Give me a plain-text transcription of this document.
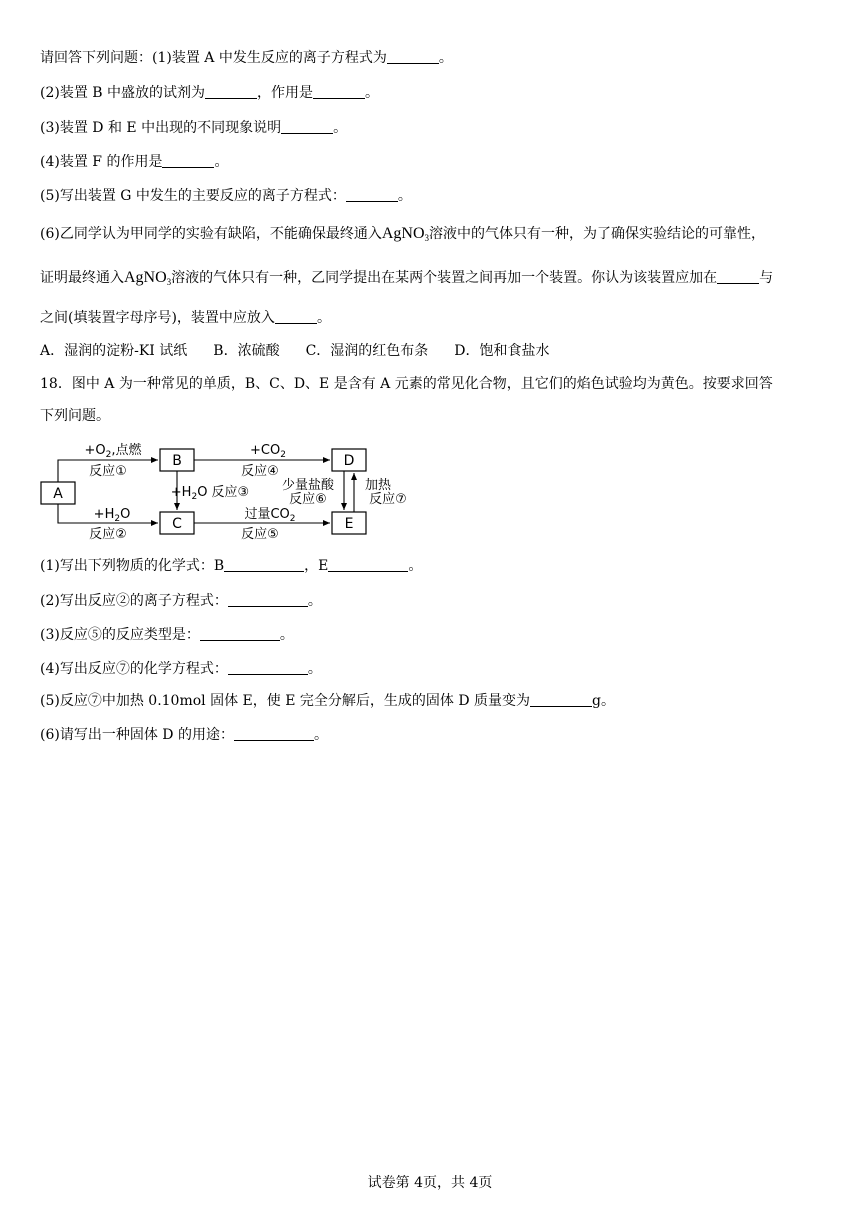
请回答下列问题：(1)装置 A 中发生反应的离子方程式为	。
(2)装置 B 中盛放的试剂为	，作用是	。
(3)装置 D 和 E 中出现的不同现象说明	。
(4)装置 F 的作用是	。
(5)写出装置 G 中发生的主要反应的离子方程式：	。
(6)乙同学认为甲同学的实验有缺陷，不能确保最终通入AgNO$_3$溶液中的气体只有一种，为了确保实验结论的可靠性，
证明最终通入AgNO$_3$溶液的气体只有一种，乙同学提出在某两个装置之间再加一个装置。你认为该装置应加在	与
之间(填装置字母序号)，装置中应放入	。
A．湿润的淀粉-KI 试纸 B．浓硫酸 C．湿润的红色布条 D．饱和食盐水
18．图中 A 为一种常见的单质，B、C、D、E 是含有 A 元素的常见化合物，且它们的焰色试验均为黄色。按要求回答
下列问题。
A
B
C
D
E
$+O_2$,点燃
反应①
$+CO_2$
反应④
$+H_2O$ 反应③
$+H_2O$
反应②
过量$CO_2$
反应⑤
少量盐酸
反应⑥
加热
反应⑦
(1)写出下列物质的化学式：B	，E	。
(2)写出反应②的离子方程式：	。
(3)反应⑤的反应类型是：	。
(4)写出反应⑦的化学方程式：	。
(5)反应⑦中加热 0.10mol 固体 E，使 E 完全分解后，生成的固体 D 质量变为	g。
(6)请写出一种固体 D 的用途：	。
试卷第 4页，共 4页
